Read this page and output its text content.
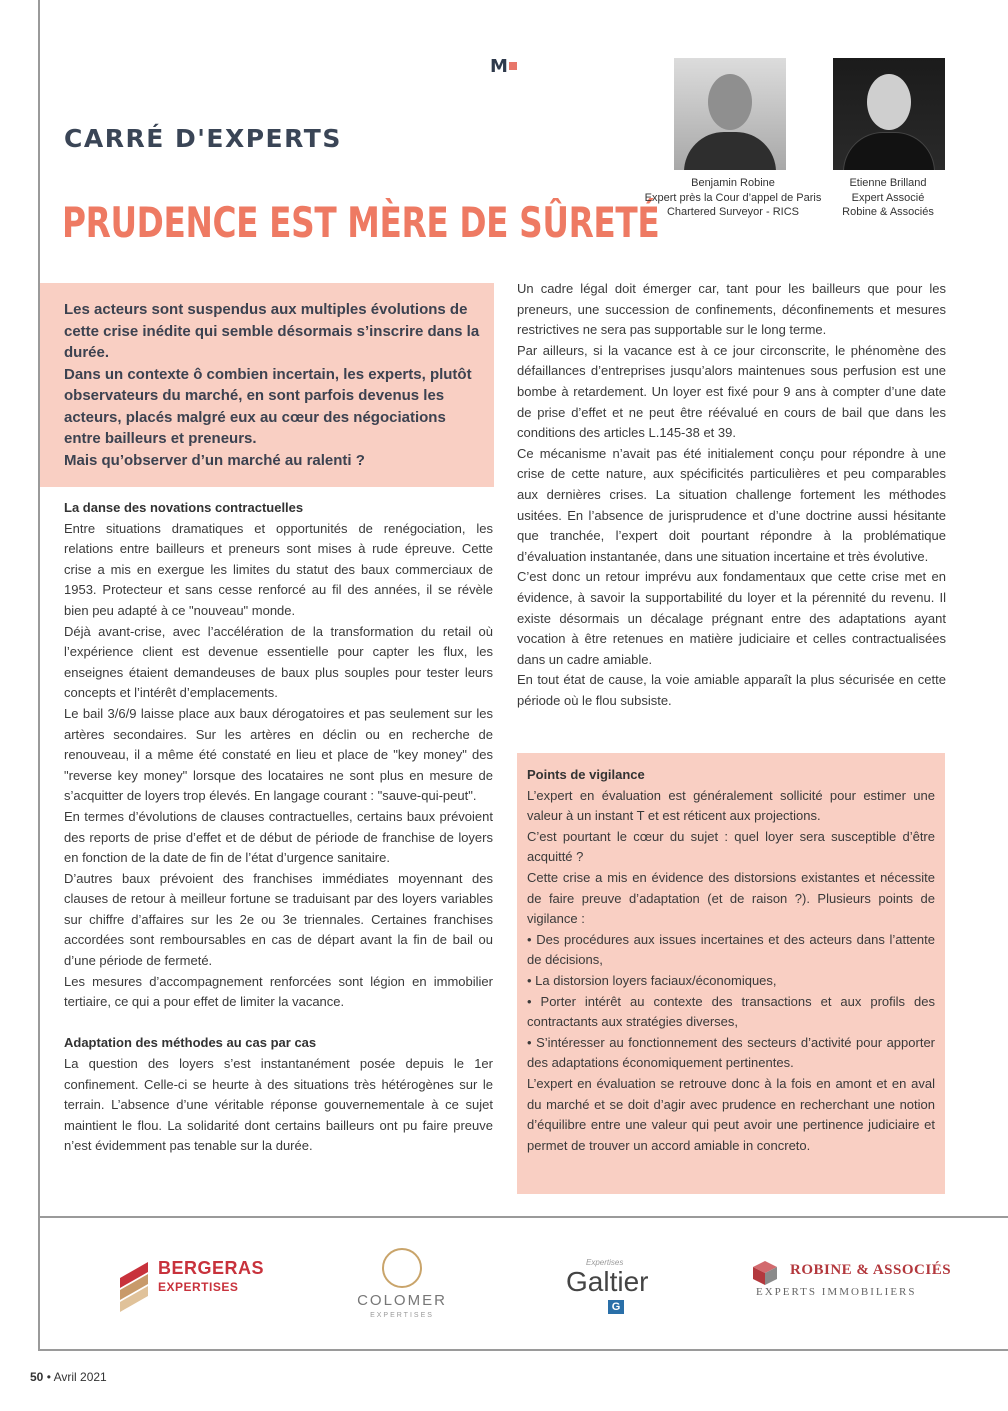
M
CARRÉ D'EXPERTS
PRUDENCE EST MÈRE DE SÛRETÉ
Benjamin Robine
Expert près la Cour d’appel de Paris
Chartered Surveyor - RICS
Etienne Brilland
Expert Associé
Robine & Associés

Les acteurs sont suspendus aux multiples évolutions de cette crise inédite qui semble désormais s’inscrire dans la durée.

Dans un contexte ô combien incertain, les experts, plutôt observateurs du marché, en sont parfois devenus les acteurs, placés malgré eux au cœur des négociations entre bailleurs et preneurs.

Mais qu’observer d’un marché au ralenti ?

La danse des novations contractuelles

Entre situations dramatiques et opportunités de renégociation, les relations entre bailleurs et preneurs sont mises à rude épreuve. Cette crise a mis en exergue les limites du statut des baux commerciaux de 1953. Protecteur et sans cesse renforcé au fil des années, il se révèle bien peu adapté à ce "nouveau" monde.

Déjà avant-crise, avec l’accélération de la transformation du retail où l’expérience client est devenue essentielle pour capter les flux, les enseignes étaient demandeuses de baux plus souples pour tester leurs concepts et l’intérêt d’emplacements.

Le bail 3/6/9 laisse place aux baux dérogatoires et pas seulement sur les artères secondaires. Sur les artères en déclin ou en recherche de renouveau, il a même été constaté en lieu et place de "key money" des "reverse key money" lorsque des locataires ne sont plus en mesure de s’acquitter de loyers trop élevés. En langage courant : "sauve-qui-peut".

En termes d’évolutions de clauses contractuelles, certains baux prévoient des reports de prise d’effet et de début de période de franchise de loyers en fonction de la date de fin de l’état d’urgence sanitaire.

D’autres baux prévoient des franchises immédiates moyennant des clauses de retour à meilleur fortune se traduisant par des loyers variables sur chiffre d’affaires sur les 2e ou 3e triennales. Certaines franchises accordées sont remboursables en cas de départ avant la fin de bail ou d’une période de fermeté.

Les mesures d’accompagnement renforcées sont légion en immobilier tertiaire, ce qui a pour effet de limiter la vacance.

Adaptation des méthodes au cas par cas

La question des loyers s’est instantanément posée depuis le 1er confinement. Celle-ci se heurte à des situations très hétérogènes sur le terrain. L’absence d’une véritable réponse gouvernementale à ce sujet maintient le flou. La solidarité dont certains bailleurs ont pu faire preuve n’est évidemment pas tenable sur la durée.

Un cadre légal doit émerger car, tant pour les bailleurs que pour les preneurs, une succession de confinements, déconfinements et mesures restrictives ne sera pas supportable sur le long terme.

Par ailleurs, si la vacance est à ce jour circonscrite, le phénomène des défaillances d’entreprises jusqu’alors maintenues sous perfusion est une bombe à retardement. Un loyer est fixé pour 9 ans à compter d’une date de prise d’effet et ne peut être réévalué en cours de bail que dans les conditions des articles L.145-38 et 39.

Ce mécanisme n’avait pas été initialement conçu pour répondre à une crise de cette nature, aux spécificités particulières et peu comparables aux dernières crises. La situation challenge fortement les méthodes usitées. En l’absence de jurisprudence et d’une doctrine aussi hésitante que tranchée, l’expert doit pourtant répondre à la problématique d’évaluation instantanée, dans une situation incertaine et très évolutive.

C’est donc un retour imprévu aux fondamentaux que cette crise met en évidence, à savoir la supportabilité du loyer et la pérennité du revenu. Il existe désormais un décalage prégnant entre des adaptations ayant vocation à être retenues en matière judiciaire et celles contractualisées dans un cadre amiable.

En tout état de cause, la voie amiable apparaît la plus sécurisée en cette période où le flou subsiste.

Points de vigilance

L’expert en évaluation est généralement sollicité pour estimer une valeur à un instant T et est réticent aux projections.

C’est pourtant le cœur du sujet : quel loyer sera susceptible d’être acquitté ?

Cette crise a mis en évidence des distorsions existantes et nécessite de faire preuve d’adaptation (et de raison ?). Plusieurs points de vigilance :

• Des procédures aux issues incertaines et des acteurs dans l’attente de décisions,

• La distorsion loyers faciaux/économiques,

• Porter intérêt au contexte des transactions et aux profils des contractants aux stratégies diverses,

• S’intéresser au fonctionnement des secteurs d’activité pour apporter des adaptations économiquement pertinentes.

L’expert en évaluation se retrouve donc à la fois en amont et en aval du marché et se doit d’agir avec prudence en recherchant une notion d’équilibre entre une valeur qui peut avoir une pertinence judiciaire et permet de trouver un accord amiable in concreto.

BERGERAS
EXPERTISES
COLOMER
EXPERTISES
Expertises
Galtier
G
ROBINE & ASSOCIÉS
EXPERTS IMMOBILIERS
50 • Avril 2021
